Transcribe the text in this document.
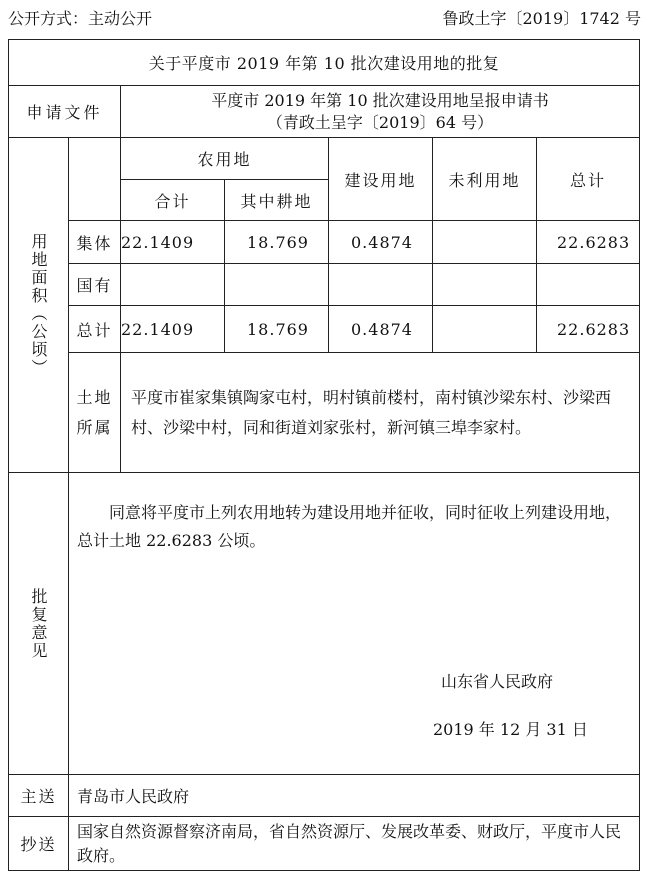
公开方式：主动公开	鲁政土字〔2019〕1742 号
关于平度市 2019 年第 10 批次建设用地的批复						
申请文件		平度市 2019 年第 10 批次建设用地呈报申请书
（青政土呈字〔2019〕64 号）				

用地面积（公顷）		农用地		建设用地	未利用地	总计
		合计	其中耕地			
	集体	22.1409	18.769	0.4874		22.6283
	国有					
	总计	22.1409	18.769	0.4874		22.6283

	土地所属	平度市崔家集镇陶家屯村，明村镇前楼村，南村镇沙梁东村、沙梁西村、沙梁中村，同和街道刘家张村，新河镇三埠李家村。				

批复意见	同意将平度市上列农用地转为建设用地并征收，同时征收上列建设用地，总计土地 22.6283 公顷。
山东省人民政府
2019 年 12 月 31 日					

主送	青岛市人民政府					
抄送	国家自然资源督察济南局，省自然资源厅、发展改革委、财政厅，平度市人民政府。					
